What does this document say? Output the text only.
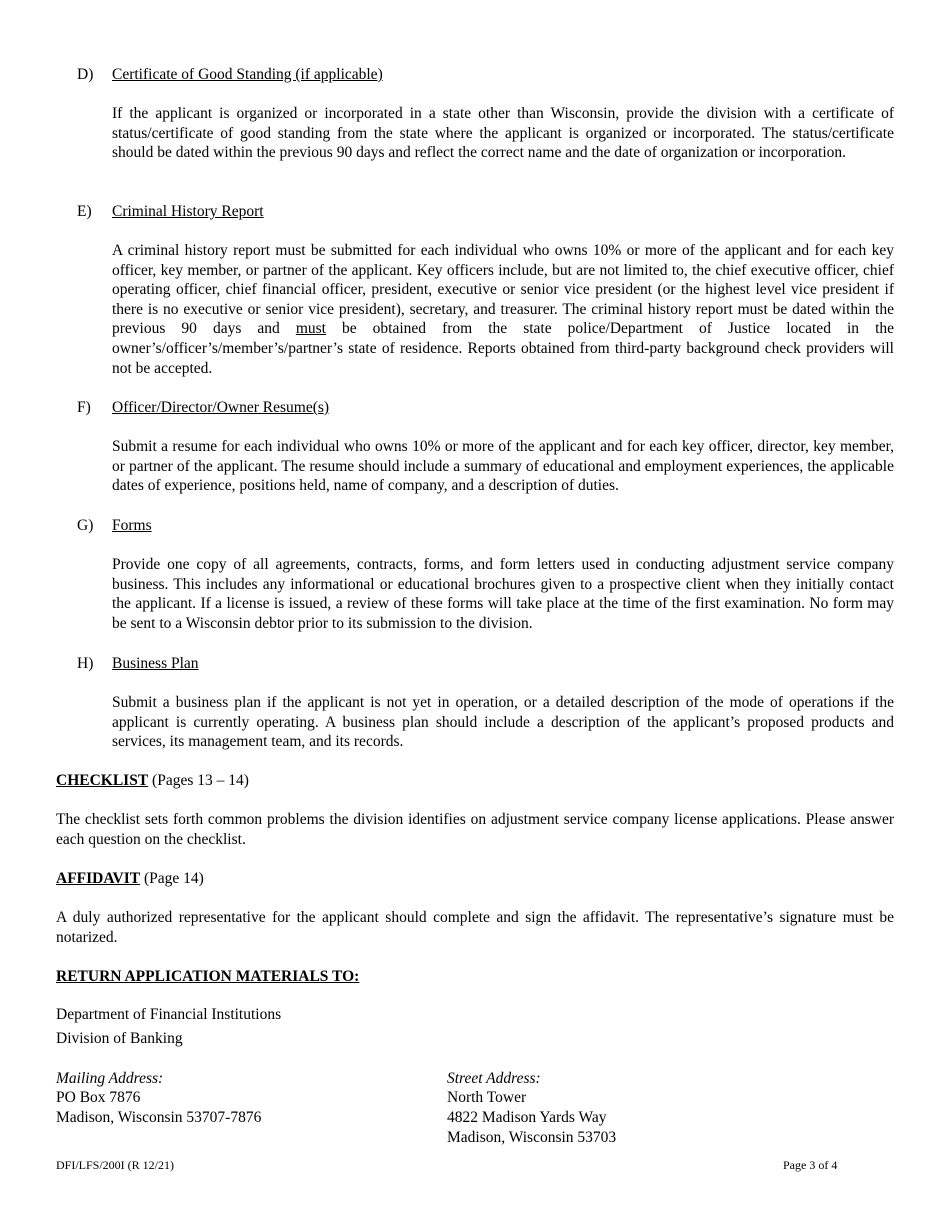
D) Certificate of Good Standing (if applicable)

If the applicant is organized or incorporated in a state other than Wisconsin, provide the division with a certificate of status/certificate of good standing from the state where the applicant is organized or incorporated. The status/certificate should be dated within the previous 90 days and reflect the correct name and the date of organization or incorporation.

E) Criminal History Report

A criminal history report must be submitted for each individual who owns 10% or more of the applicant and for each key officer, key member, or partner of the applicant. Key officers include, but are not limited to, the chief executive officer, chief operating officer, chief financial officer, president, executive or senior vice president (or the highest level vice president if there is no executive or senior vice president), secretary, and treasurer. The criminal history report must be dated within the previous 90 days and must be obtained from the state police/Department of Justice located in the owner’s/officer’s/member’s/partner’s state of residence. Reports obtained from third-party background check providers will not be accepted.

F) Officer/Director/Owner Resume(s)

Submit a resume for each individual who owns 10% or more of the applicant and for each key officer, director, key member, or partner of the applicant. The resume should include a summary of educational and employment experiences, the applicable dates of experience, positions held, name of company, and a description of duties.

G) Forms

Provide one copy of all agreements, contracts, forms, and form letters used in conducting adjustment service company business. This includes any informational or educational brochures given to a prospective client when they initially contact the applicant. If a license is issued, a review of these forms will take place at the time of the first examination. No form may be sent to a Wisconsin debtor prior to its submission to the division.

H) Business Plan

Submit a business plan if the applicant is not yet in operation, or a detailed description of the mode of operations if the applicant is currently operating. A business plan should include a description of the applicant’s proposed products and services, its management team, and its records.

CHECKLIST (Pages 13 – 14)

The checklist sets forth common problems the division identifies on adjustment service company license applications. Please answer each question on the checklist.

AFFIDAVIT (Page 14)

A duly authorized representative for the applicant should complete and sign the affidavit. The representative’s signature must be notarized.

RETURN APPLICATION MATERIALS TO:
Department of Financial Institutions
Division of Banking
Mailing Address:
PO Box 7876
Madison, Wisconsin 53707-7876
Street Address:
North Tower
4822 Madison Yards Way
Madison, Wisconsin 53703
DFI/LFS/200I (R 12/21)	Page 3 of 4
